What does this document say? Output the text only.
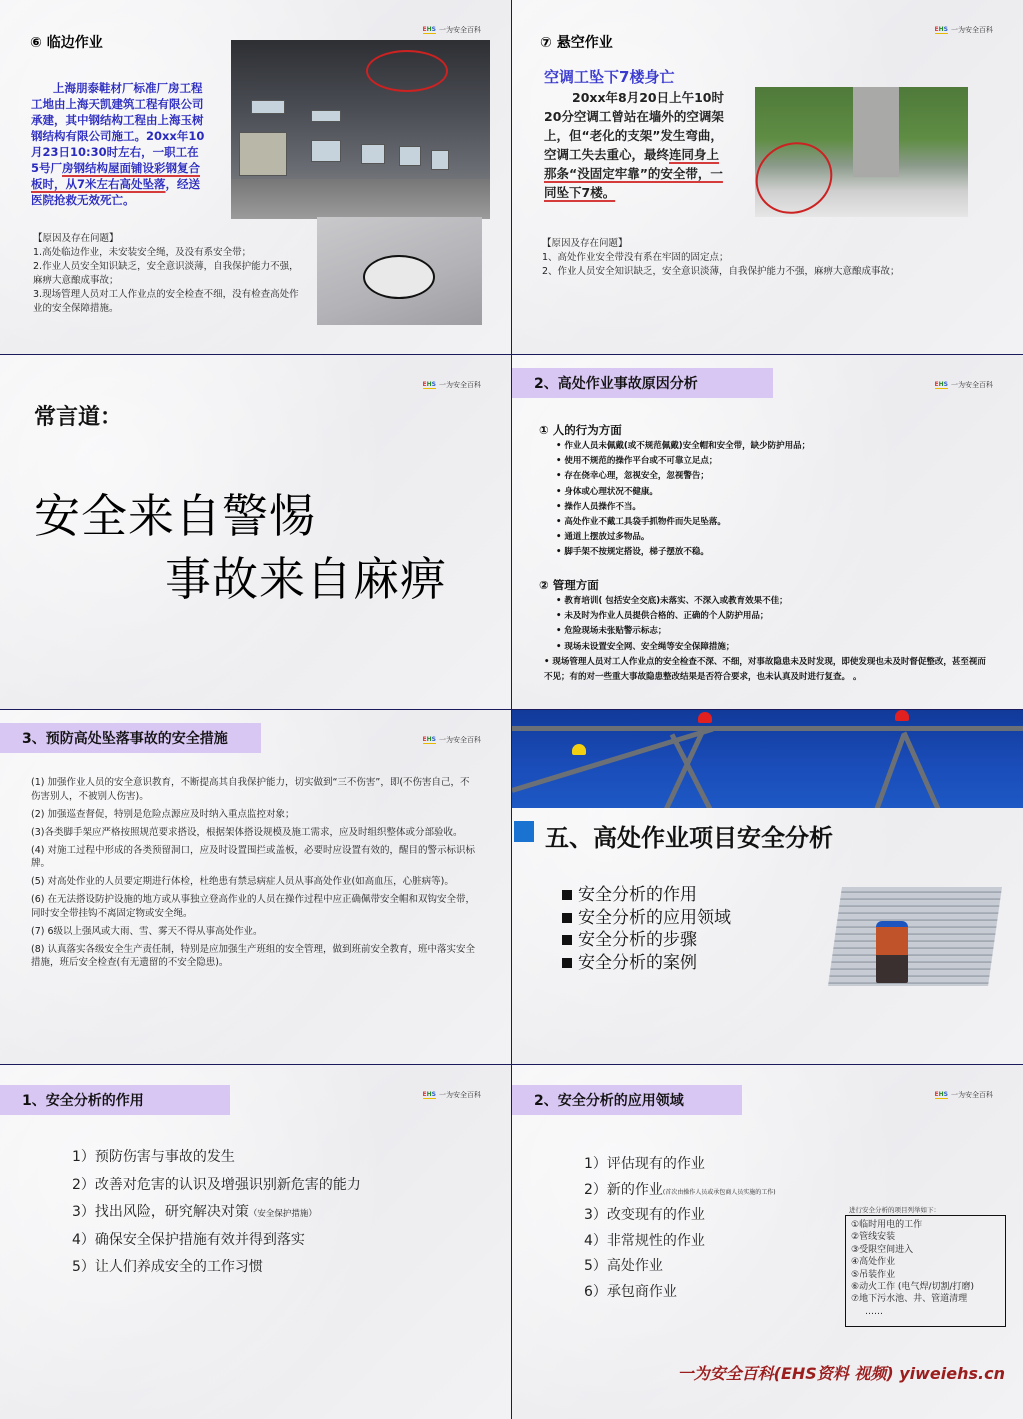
EHS 一为安全百科
⑥ 临边作业
上海朋泰鞋材厂标准厂房工程工地由上海天凯建筑工程有限公司承建，其中钢结构工程由上海玉树钢结构有限公司施工。20xx年10月23日10:30时左右，一职工在5号厂房钢结构屋面铺设彩钢复合板时，从7米左右高处坠落，经送医院抢救无效死亡。
【原因及存在问题】
1.高处临边作业，未安装安全绳，及没有系安全带；
2.作业人员安全知识缺乏，安全意识淡薄，自我保护能力不强，麻痹大意酿成事故；
3.现场管理人员对工人作业点的安全检查不细，没有检查高处作业的安全保障措施。
EHS 一为安全百科
⑦ 悬空作业
空调工坠下7楼身亡
20xx年8月20日上午10时20分空调工曾站在墙外的空调架上，但“老化的支架”发生弯曲，空调工失去重心，最终连同身上那条“没固定牢靠”的安全带，一同坠下7楼。
【原因及存在问题】
1、高处作业安全带没有系在牢固的固定点；
2、作业人员安全知识缺乏，安全意识淡薄，自我保护能力不强，麻痹大意酿成事故；
EHS 一为安全百科
常言道：
安全来自警惕
事故来自麻痹
EHS 一为安全百科
2、高处作业事故原因分析
① 人的行为方面
• 作业人员未佩戴(或不规范佩戴)安全帽和安全带，缺少防护用品；
• 使用不规范的操作平台或不可靠立足点；
• 存在侥幸心理，忽视安全，忽视警告；
• 身体或心理状况不健康。
• 操作人员操作不当。
• 高处作业不戴工具袋手抓物件而失足坠落。
• 通道上摆放过多物品。
• 脚手架不按规定搭设，梯子摆放不稳。
② 管理方面
• 教育培训( 包括安全交底)未落实、不深入或教育效果不佳；
• 未及时为作业人员提供合格的、正确的个人防护用品；
• 危险现场未张贴警示标志；
• 现场未设置安全网、安全绳等安全保障措施；
• 现场管理人员对工人作业点的安全检查不深、不细，对事故隐患未及时发现，即使发现也未及时督促整改，甚至视而不见；有的对一些重大事故隐患整改结果是否符合要求，也未认真及时进行复查。 。
EHS 一为安全百科
3、预防高处坠落事故的安全措施

(1) 加强作业人员的安全意识教育，不断提高其自我保护能力，切实做到“三不伤害”，即(不伤害自己，不伤害别人，不被别人伤害)。

(2) 加强巡查督促，特别是危险点源应及时纳入重点监控对象；

(3)各类脚手架应严格按照规范要求搭设，根据架体搭设规模及施工需求，应及时组织整体或分部验收。

(4) 对施工过程中形成的各类预留洞口，应及时设置围拦或盖板，必要时应设置有效的，醒目的警示标识标牌。

(5) 对高处作业的人员要定期进行体检，杜绝患有禁忌病症人员从事高处作业(如高血压，心脏病等)。

(6) 在无法搭设防护设施的地方或从事独立登高作业的人员在操作过程中应正确佩带安全帽和双钩安全带，同时安全带挂钩不离固定物或安全绳。

(7) 6级以上强风或大雨、雪、雾天不得从事高处作业。

(8) 认真落实各级安全生产责任制，特别是应加强生产班组的安全管理，做到班前安全教育，班中落实安全措施，班后安全检查(有无遗留的不安全隐患)。

五、高处作业项目安全分析
安全分析的作用
安全分析的应用领域
安全分析的步骤
安全分析的案例
EHS 一为安全百科
1、安全分析的作用
1）预防伤害与事故的发生
2）改善对危害的认识及增强识别新危害的能力
3）找出风险，研究解决对策（安全保护措施）
4）确保安全保护措施有效并得到落实
5）让人们养成安全的工作习惯
EHS 一为安全百科
2、安全分析的应用领域
1）评估现有的作业
2）新的作业(首次由操作人员或承包商人员实施的工作)
3）改变现有的作业
4）非常规性的作业
5）高处作业
6）承包商作业
进行安全分析的项目列举如下：
①临时用电的工作
②管线安装
③受限空间进入
④高处作业
⑤吊装作业
⑥动火工作 (电气焊/切割/打磨)
⑦地下污水池、井、管道清理
……
一为安全百科(EHS资料 视频) yiweiehs.cn
